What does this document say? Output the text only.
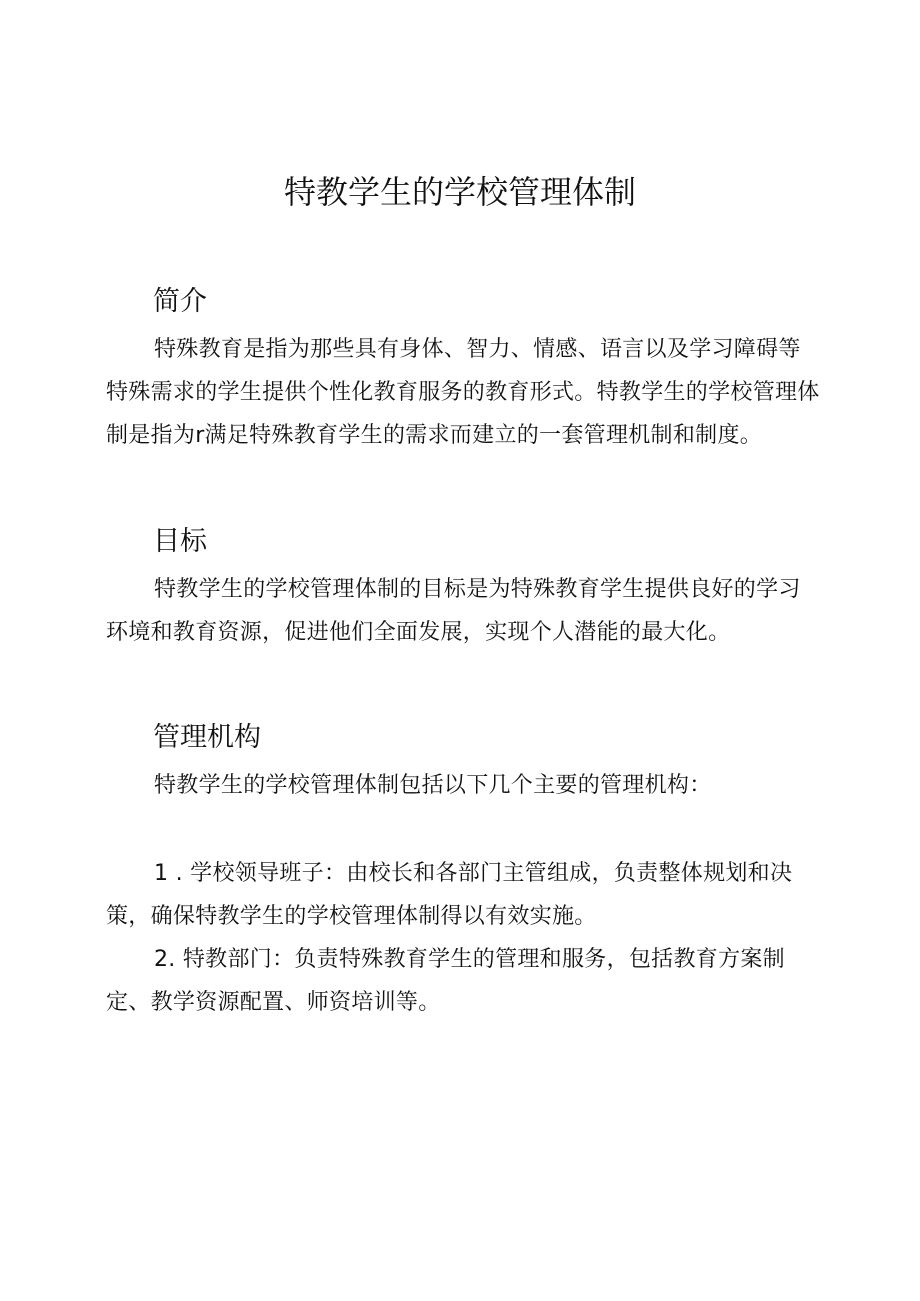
特教学生的学校管理体制
简介

特殊教育是指为那些具有身体、智力、情感、语言以及学习障碍等特殊需求的学生提供个性化教育服务的教育形式。特教学生的学校管理体制是指为r满足特殊教育学生的需求而建立的一套管理机制和制度。

目标

特教学生的学校管理体制的目标是为特殊教育学生提供良好的学习环境和教育资源，促进他们全面发展，实现个人潜能的最大化。

管理机构

特教学生的学校管理体制包括以下几个主要的管理机构：

1 . 学校领导班子：由校长和各部门主管组成，负责整体规划和决策，确保特教学生的学校管理体制得以有效实施。

2. 特教部门：负责特殊教育学生的管理和服务，包括教育方案制定、教学资源配置、师资培训等。
